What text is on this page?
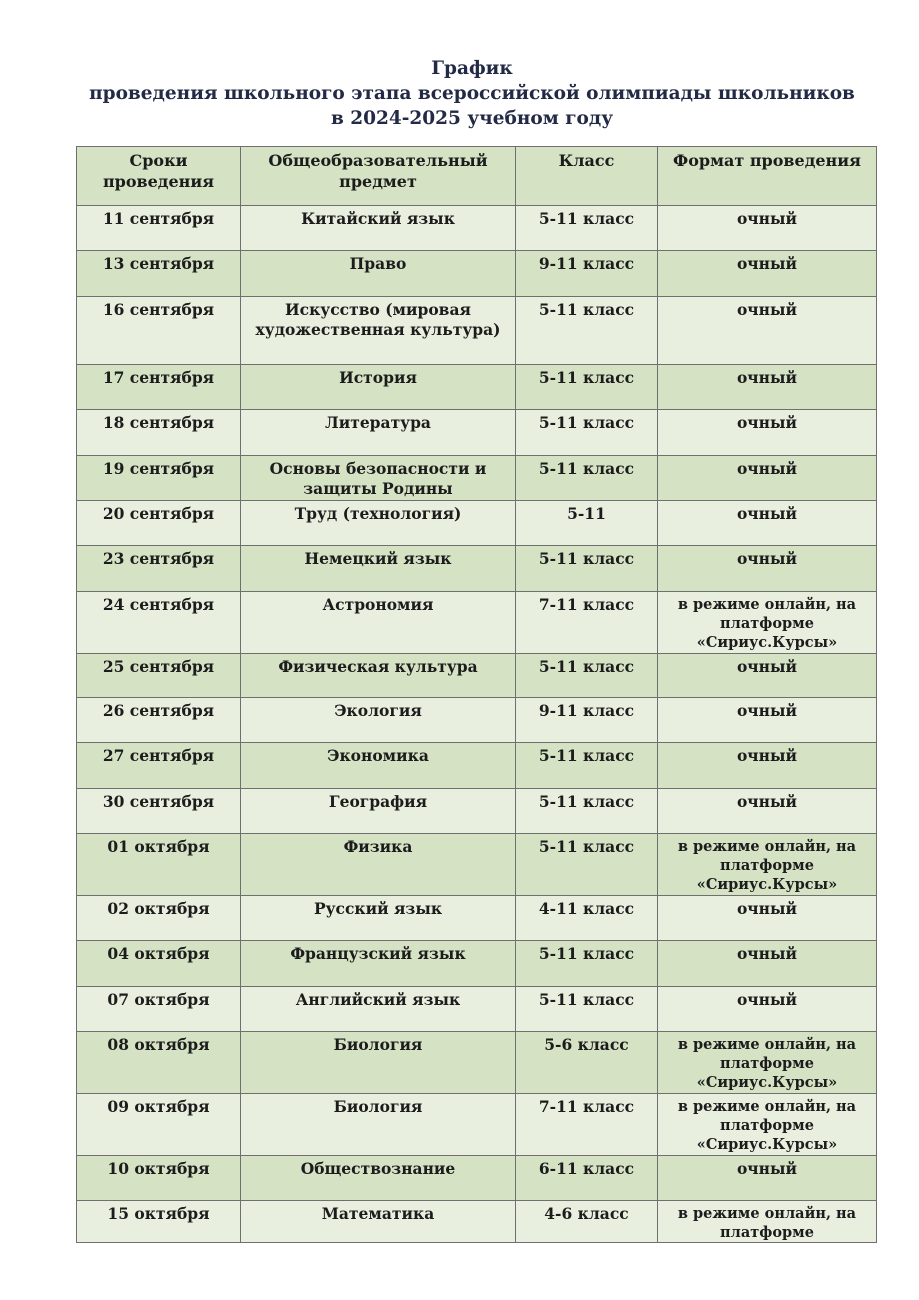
График
проведения школьного этапа всероссийской олимпиады школьников
в 2024-2025 учебном году
Сроки проведения	Общеобразовательный предмет	Класс	Формат проведения
11 сентября	Китайский язык	5-11 класс	очный
13 сентября	Право	9-11 класс	очный
16 сентября	Искусство (мировая художественная культура)	5-11 класс	очный
17 сентября	История	5-11 класс	очный
18 сентября	Литература	5-11 класс	очный
19 сентября	Основы безопасности и защиты Родины	5-11 класс	очный
20 сентября	Труд (технология)	5-11	очный
23 сентября	Немецкий язык	5-11 класс	очный
24 сентября	Астрономия	7-11 класс	в режиме онлайн, на платформе «Сириус.Курсы»
25 сентября	Физическая культура	5-11 класс	очный
26 сентября	Экология	9-11 класс	очный
27 сентября	Экономика	5-11 класс	очный
30 сентября	География	5-11 класс	очный
01 октября	Физика	5-11 класс	в режиме онлайн, на платформе «Сириус.Курсы»
02 октября	Русский язык	4-11 класс	очный
04 октября	Французский язык	5-11 класс	очный
07 октября	Английский язык	5-11 класс	очный
08 октября	Биология	5-6 класс	в режиме онлайн, на платформе «Сириус.Курсы»
09 октября	Биология	7-11 класс	в режиме онлайн, на платформе «Сириус.Курсы»
10 октября	Обществознание	6-11 класс	очный
15 октября	Математика	4-6 класс	в режиме онлайн, на платформе
